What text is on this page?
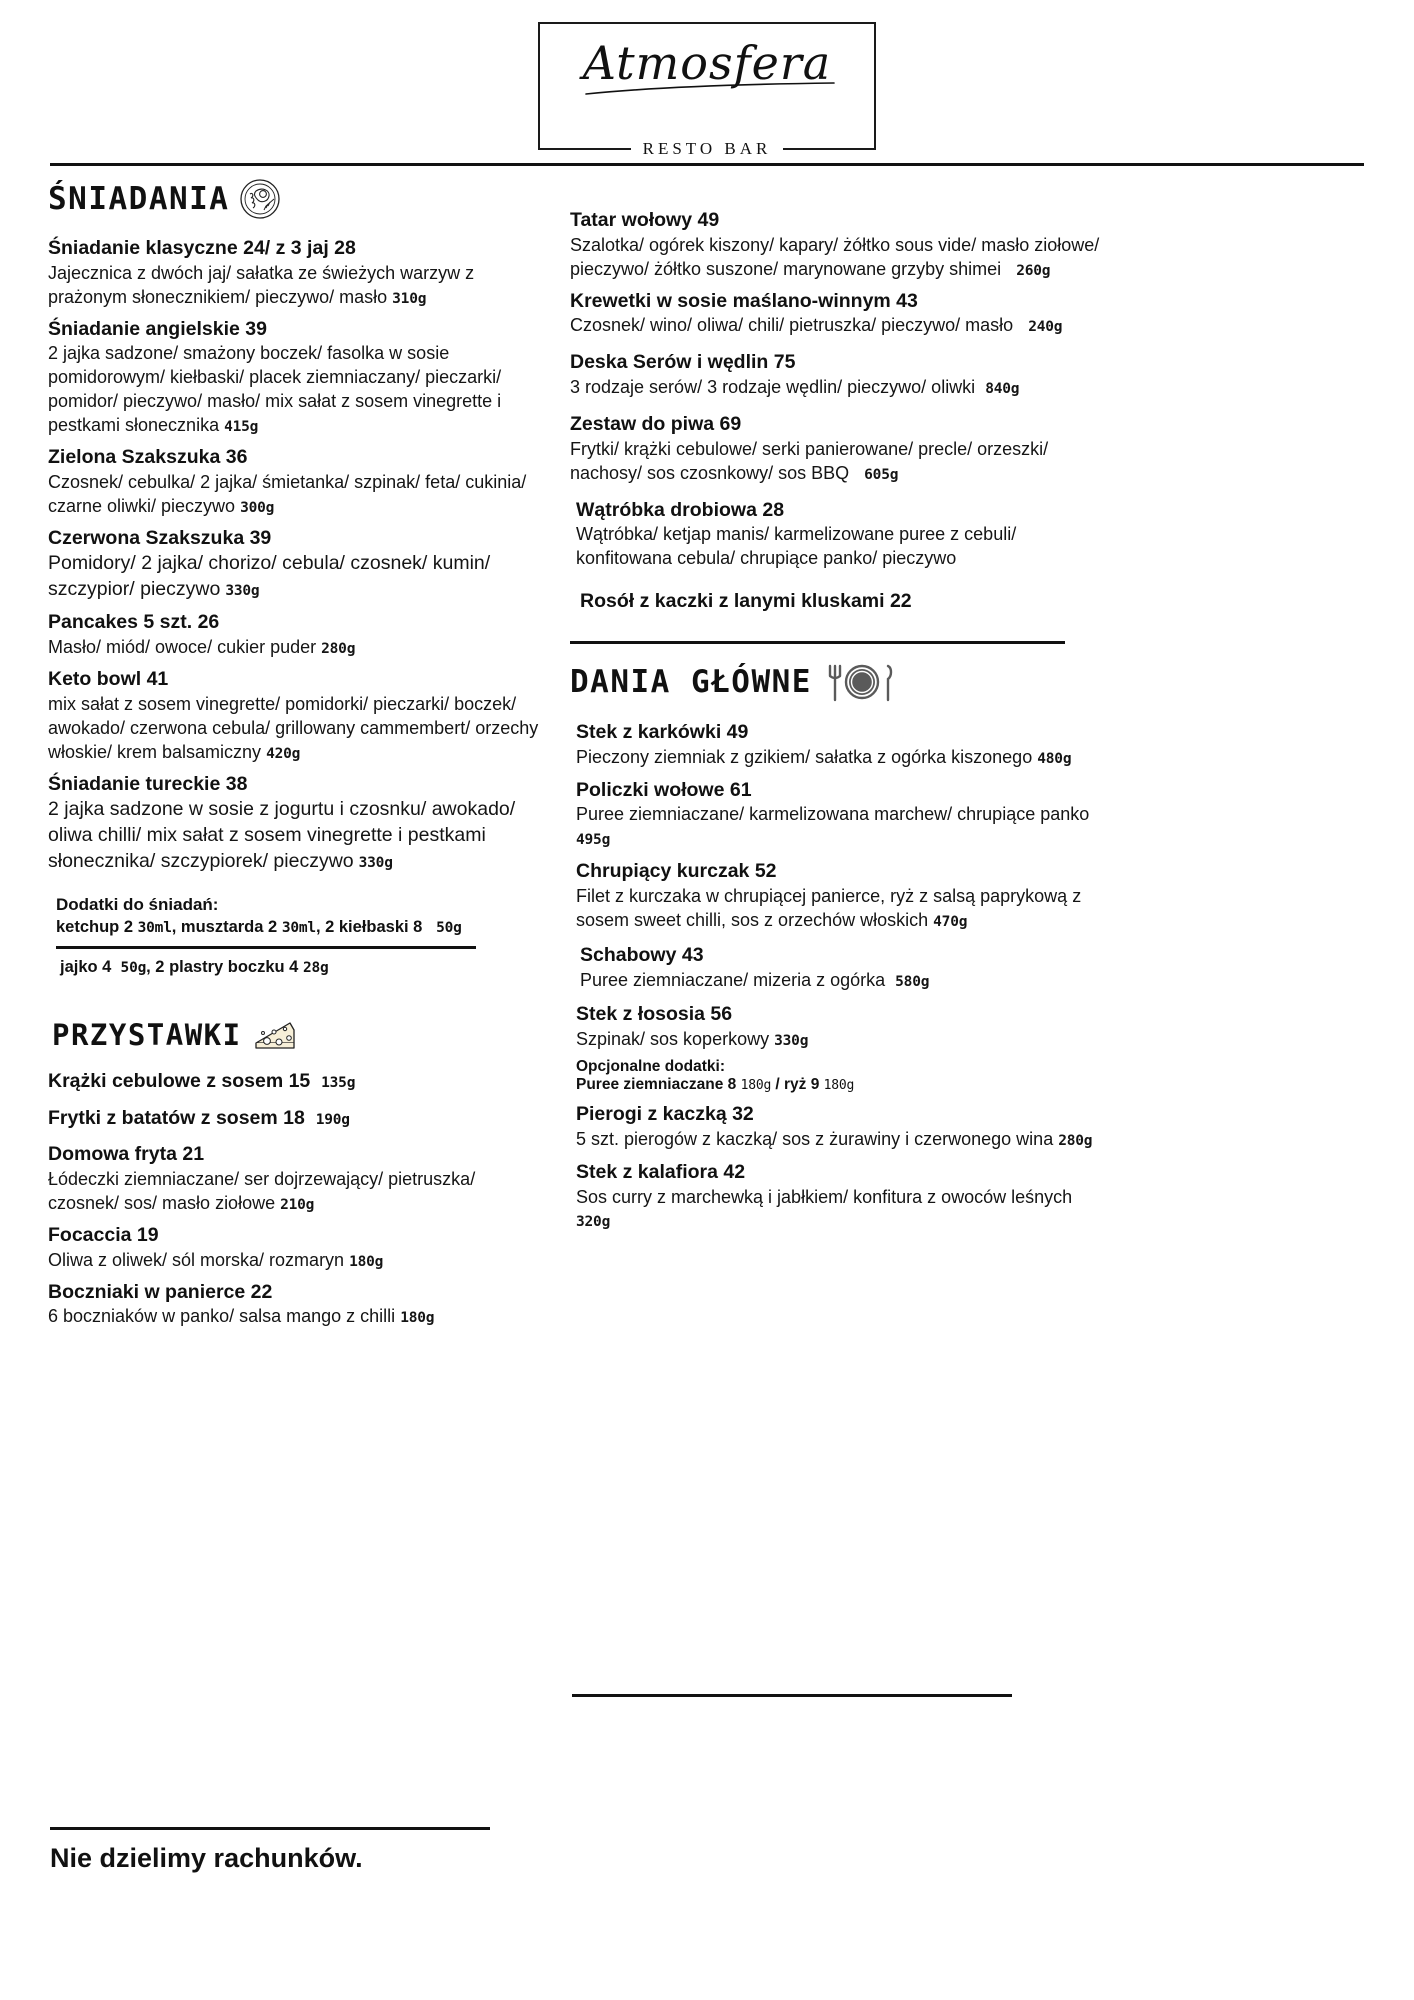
Atmosfera
RESTO BAR
ŚNIADANIA
Śniadanie klasyczne 24/ z 3 jaj 28
Jajecznica z dwóch jaj/ sałatka ze świeżych warzyw z prażonym słonecznikiem/ pieczywo/ masło 310g
Śniadanie angielskie 39
2 jajka sadzone/ smażony boczek/ fasolka w sosie pomidorowym/ kiełbaski/ placek ziemniaczany/ pieczarki/ pomidor/ pieczywo/ masło/ mix sałat z sosem vinegrette i pestkami słonecznika 415g
Zielona Szakszuka 36
Czosnek/ cebulka/ 2 jajka/ śmietanka/ szpinak/ feta/ cukinia/ czarne oliwki/ pieczywo 300g
Czerwona Szakszuka 39
Pomidory/ 2 jajka/ chorizo/ cebula/ czosnek/ kumin/ szczypior/ pieczywo 330g
Pancakes 5 szt. 26
Masło/ miód/ owoce/ cukier puder 280g
Keto bowl 41
mix sałat z sosem vinegrette/ pomidorki/ pieczarki/ boczek/ awokado/ czerwona cebula/ grillowany cammembert/ orzechy włoskie/ krem balsamiczny 420g
Śniadanie tureckie 38
2 jajka sadzone w sosie z jogurtu i czosnku/ awokado/ oliwa chilli/ mix sałat z sosem vinegrette i pestkami słonecznika/ szczypiorek/ pieczywo 330g
Dodatki do śniadań:
ketchup 2 30ml, musztarda 2 30ml, 2 kiełbaski 8 50g
jajko 4 50g, 2 plastry boczku 4 28g
PRZYSTAWKI
Krążki cebulowe z sosem 15 135g
Frytki z batatów z sosem 18 190g
Domowa fryta 21
Łódeczki ziemniaczane/ ser dojrzewający/ pietruszka/ czosnek/ sos/ masło ziołowe 210g
Focaccia 19
Oliwa z oliwek/ sól morska/ rozmaryn 180g
Boczniaki w panierce 22
6 boczniaków w panko/ salsa mango z chilli 180g
Tatar wołowy 49
Szalotka/ ogórek kiszony/ kapary/ żółtko sous vide/ masło ziołowe/ pieczywo/ żółtko suszone/ marynowane grzyby shimei 260g
Krewetki w sosie maślano-winnym 43
Czosnek/ wino/ oliwa/ chili/ pietruszka/ pieczywo/ masło 240g
Deska Serów i wędlin 75
3 rodzaje serów/ 3 rodzaje wędlin/ pieczywo/ oliwki 840g
Zestaw do piwa 69
Frytki/ krążki cebulowe/ serki panierowane/ precle/ orzeszki/ nachosy/ sos czosnkowy/ sos BBQ 605g
Wątróbka drobiowa 28
Wątróbka/ ketjap manis/ karmelizowane puree z cebuli/ konfitowana cebula/ chrupiące panko/ pieczywo
Rosół z kaczki z lanymi kluskami 22
DANIA GŁÓWNE
Stek z karkówki 49
Pieczony ziemniak z gzikiem/ sałatka z ogórka kiszonego 480g
Policzki wołowe 61
Puree ziemniaczane/ karmelizowana marchew/ chrupiące panko 495g
Chrupiący kurczak 52
Filet z kurczaka w chrupiącej panierce, ryż z salsą paprykową z sosem sweet chilli, sos z orzechów włoskich 470g
Schabowy 43
Puree ziemniaczane/ mizeria z ogórka 580g
Stek z łososia 56
Szpinak/ sos koperkowy 330g
Opcjonalne dodatki:
Puree ziemniaczane 8 180g / ryż 9 180g
Pierogi z kaczką 32
5 szt. pierogów z kaczką/ sos z żurawiny i czerwonego wina 280g
Stek z kalafiora 42
Sos curry z marchewką i jabłkiem/ konfitura z owoców leśnych 320g
Nie dzielimy rachunków.
